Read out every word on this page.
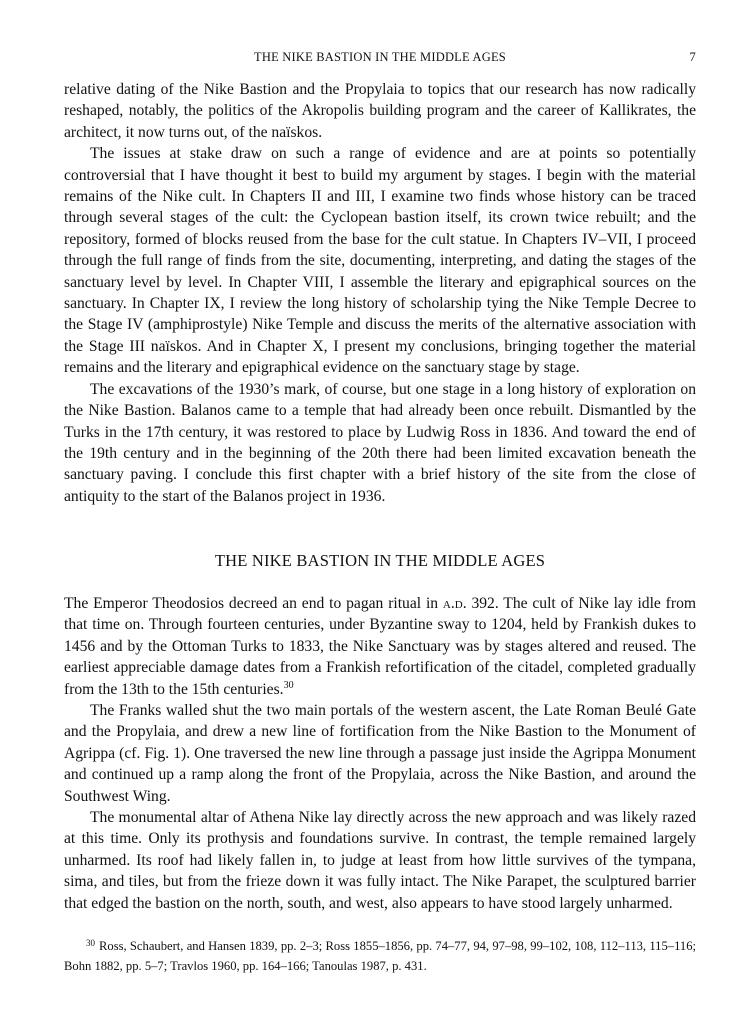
THE NIKE BASTION IN THE MIDDLE AGES	7

relative dating of the Nike Bastion and the Propylaia to topics that our research has now radically reshaped, notably, the politics of the Akropolis building program and the career of Kallikrates, the architect, it now turns out, of the naïskos.

The issues at stake draw on such a range of evidence and are at points so potentially controversial that I have thought it best to build my argument by stages. I begin with the material remains of the Nike cult. In Chapters II and III, I examine two finds whose history can be traced through several stages of the cult: the Cyclopean bastion itself, its crown twice rebuilt; and the repository, formed of blocks reused from the base for the cult statue. In Chapters IV–VII, I proceed through the full range of finds from the site, documenting, interpreting, and dating the stages of the sanctuary level by level. In Chapter VIII, I assemble the literary and epigraphical sources on the sanctuary. In Chapter IX, I review the long history of scholarship tying the Nike Temple Decree to the Stage IV (amphiprostyle) Nike Temple and discuss the merits of the alternative association with the Stage III naïskos. And in Chapter X, I present my conclusions, bringing together the material remains and the literary and epigraphical evidence on the sanctuary stage by stage.

The excavations of the 1930’s mark, of course, but one stage in a long history of exploration on the Nike Bastion. Balanos came to a temple that had already been once rebuilt. Dismantled by the Turks in the 17th century, it was restored to place by Ludwig Ross in 1836. And toward the end of the 19th century and in the beginning of the 20th there had been limited excavation beneath the sanctuary paving. I conclude this first chapter with a brief history of the site from the close of antiquity to the start of the Balanos project in 1936.

THE NIKE BASTION IN THE MIDDLE AGES

The Emperor Theodosios decreed an end to pagan ritual in a.d. 392. The cult of Nike lay idle from that time on. Through fourteen centuries, under Byzantine sway to 1204, held by Frankish dukes to 1456 and by the Ottoman Turks to 1833, the Nike Sanctuary was by stages altered and reused. The earliest appreciable damage dates from a Frankish refortification of the citadel, completed gradually from the 13th to the 15th centuries.$^{30}$

The Franks walled shut the two main portals of the western ascent, the Late Roman Beulé Gate and the Propylaia, and drew a new line of fortification from the Nike Bastion to the Monument of Agrippa (cf. Fig. 1). One traversed the new line through a passage just inside the Agrippa Monument and continued up a ramp along the front of the Propylaia, across the Nike Bastion, and around the Southwest Wing.

The monumental altar of Athena Nike lay directly across the new approach and was likely razed at this time. Only its prothysis and foundations survive. In contrast, the temple remained largely unharmed. Its roof had likely fallen in, to judge at least from how little survives of the tympana, sima, and tiles, but from the frieze down it was fully intact. The Nike Parapet, the sculptured barrier that edged the bastion on the north, south, and west, also appears to have stood largely unharmed.

$^{30}$ Ross, Schaubert, and Hansen 1839, pp. 2–3; Ross 1855–1856, pp. 74–77, 94, 97–98, 99–102, 108, 112–113, 115–116; Bohn 1882, pp. 5–7; Travlos 1960, pp. 164–166; Tanoulas 1987, p. 431.
